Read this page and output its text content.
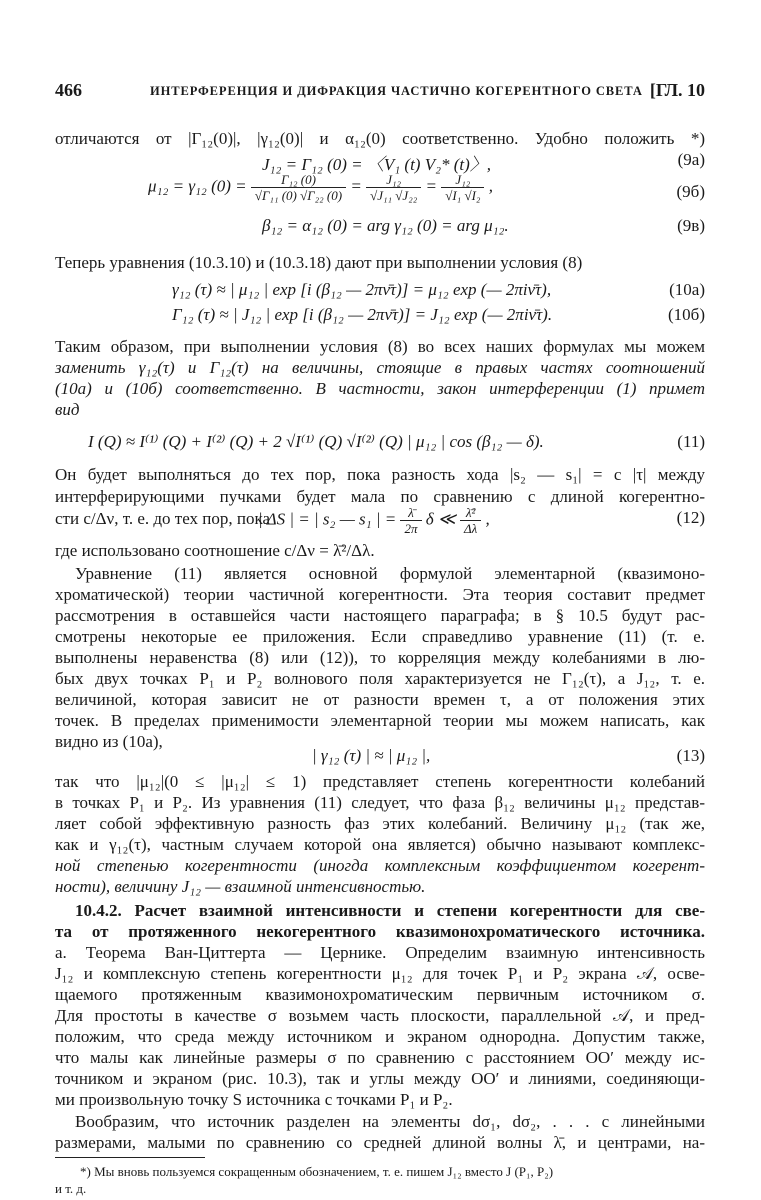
466	ИНТЕРФЕРЕНЦИЯ И ДИФРАКЦИЯ ЧАСТИЧНО КОГЕРЕНТНОГО СВЕТА [ГЛ. 10
отличаются от |Γ₁₂(0)|, |γ₁₂(0)| и α₁₂(0) соответственно. Удобно положить *)
J₁₂ = Γ₁₂ (0) = 〈V₁ (t) V₂* (t)〉,	(9а)
μ₁₂ = γ₁₂ $(0) = \frac{\text{Γ₁₂ (0)}}{\text{√Γ₁₁ (0) √Γ₂₂ (0)}} = \frac{\text{J₁₂}}{\text{√J₁₁ √J₂₂}} = \frac{\text{J₁₂}}{\text{√I₁ √I₂}}$ ,	(9б)
β₁₂ = α₁₂ (0) = arg γ₁₂ (0) = arg μ₁₂.	(9в)
Теперь уравнения (10.3.10) и (10.3.18) дают при выполнении условия (8)
γ₁₂ (τ) ≈ | μ₁₂ | exp [i (β₁₂ — 2πν̄τ)] = μ₁₂ exp (— 2πiν̄τ),	(10а)
Γ₁₂ (τ) ≈ | J₁₂ | exp [i (β₁₂ — 2πν̄τ)] = J₁₂ exp (— 2πiν̄τ).	(10б)
Таким образом, при выполнении условия (8) во всех наших формулах мы можем
заменить γ₁₂(τ) и Γ₁₂(τ) на величины, стоящие в правых частях соотношений
(10а) и (10б) соответственно. В частности, закон интерференции (1) примет
вид
I (Q) ≈ I⁽¹⁾ (Q) + I⁽²⁾ (Q) + 2 √I⁽¹⁾ (Q) √I⁽²⁾ (Q) | μ₁₂ | cos (β₁₂ — δ).	(11)
Он будет выполняться до тех пор, пока разность хода |s₂ — s₁| = c |τ| между
интерферирующими пучками будет мала по сравнению с длиной когерентно-
сти c/Δν, т. е. до тех пор, пока
| ΔS | = | s₂ — s₁ | = $\frac{\lambdā}{2\pi}$ δ ≪ $\frac{\text{λ̄²}}{\Delta\lambda}$ ,	(12)
где использовано соотношение c/Δν = λ̄²/Δλ.
Уравнение (11) является основной формулой элементарной (квазимоно-
хроматической) теории частичной когерентности. Эта теория составит предмет
рассмотрения в оставшейся части настоящего параграфа; в § 10.5 будут рас-
смотрены некоторые ее приложения. Если справедливо уравнение (11) (т. е.
выполнены неравенства (8) или (12)), то корреляция между колебаниями в лю-
бых двух точках P₁ и P₂ волнового поля характеризуется не Γ₁₂(τ), а J₁₂, т. е.
величиной, которая зависит не от разности времен τ, а от положения этих
точек. В пределах применимости элементарной теории мы можем написать, как
видно из (10а),
| γ₁₂ (τ) | ≈ | μ₁₂ |,	(13)
так что |μ₁₂|(0 ≤ |μ₁₂| ≤ 1) представляет степень когерентности колебаний
в точках P₁ и P₂. Из уравнения (11) следует, что фаза β₁₂ величины μ₁₂ представ-
ляет собой эффективную разность фаз этих колебаний. Величину μ₁₂ (так же,
как и γ₁₂(τ), частным случаем которой она является) обычно называют комплекс-
ной степенью когерентности (иногда комплексным коэффициентом когерент-
ности), величину J₁₂ — взаимной интенсивностью.
10.4.2. Расчет взаимной интенсивности и степени когерентности для све-
та от протяженного некогерентного квазимонохроматического источника.
а. Теорема Ван-Циттерта — Цернике. Определим взаимную интенсивность
J₁₂ и комплексную степень когерентности μ₁₂ для точек P₁ и P₂ экрана 𝒜, осве-
щаемого протяженным квазимонохроматическим первичным источником σ.
Для простоты в качестве σ возьмем часть плоскости, параллельной 𝒜, и пред-
положим, что среда между источником и экраном однородна. Допустим также,
что малы как линейные размеры σ по сравнению с расстоянием OO′ между ис-
точником и экраном (рис. 10.3), так и углы между OO′ и линиями, соединяющи-
ми произвольную точку S источника с точками P₁ и P₂.
Вообразим, что источник разделен на элементы dσ₁, dσ₂, . . . с линейными
размерами, малыми по сравнению со средней длиной волны λ̄, и центрами, на-
*) Мы вновь пользуемся сокращенным обозначением, т. е. пишем J₁₂ вместо J (P₁, P₂)
и т. д.
